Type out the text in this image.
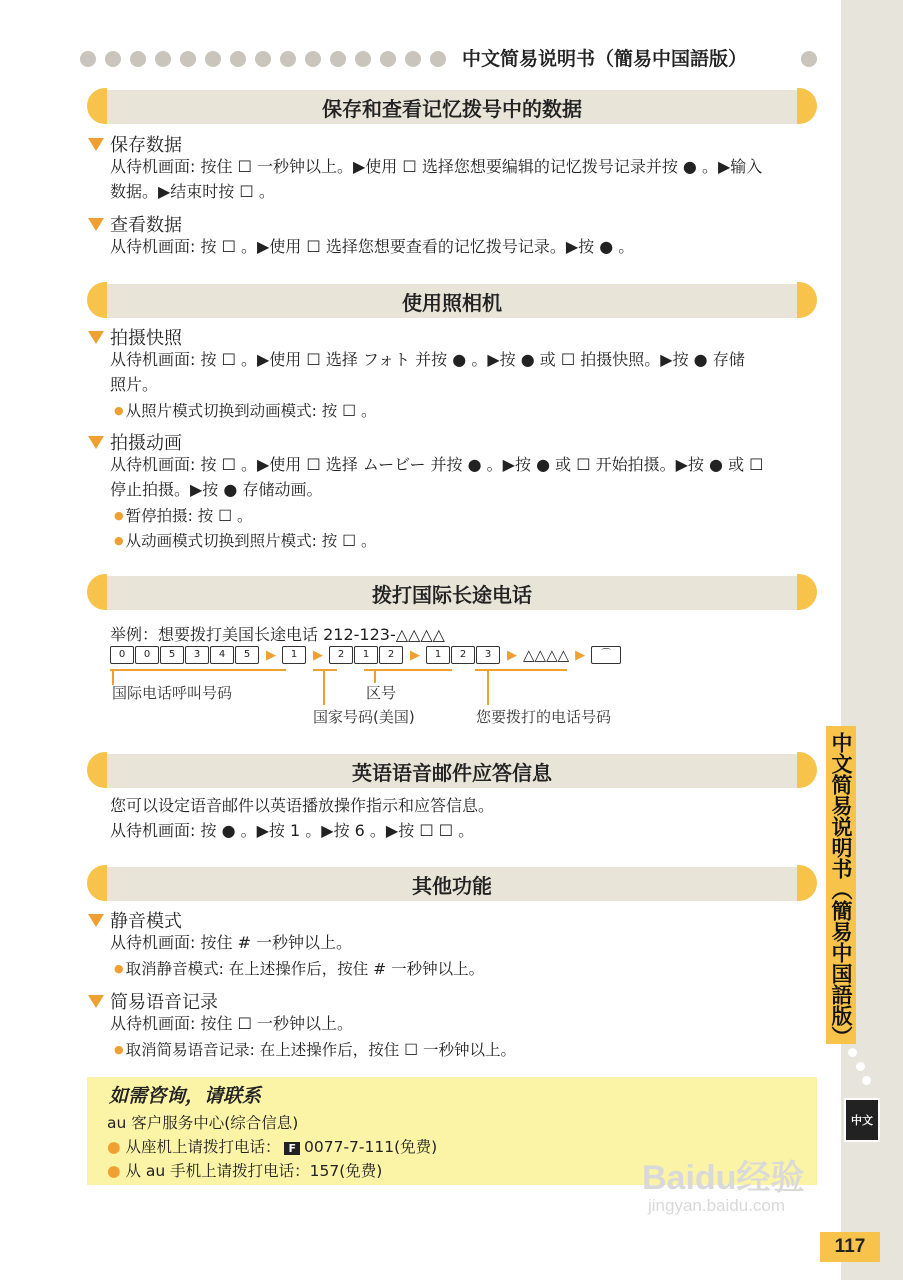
中文简易说明书（簡易中国語版）
中文
117
中文简易说明书（簡易中国語版）
保存和查看记忆拨号中的数据
保存数据
从待机画面: 按住 ☐ 一秒钟以上。▶使用 ☐ 选择您想要编辑的记忆拨号记录并按 ● 。▶输入
数据。▶结束时按 ☐ 。
查看数据
从待机画面: 按 ☐ 。▶使用 ☐ 选择您想要查看的记忆拨号记录。▶按 ● 。
使用照相机
拍摄快照
从待机画面: 按 ☐ 。▶使用 ☐ 选择 フォト 并按 ● 。▶按 ● 或 ☐ 拍摄快照。▶按 ● 存储
照片。
● 从照片模式切换到动画模式: 按 ☐ 。
拍摄动画
从待机画面: 按 ☐ 。▶使用 ☐ 选择 ムービー 并按 ● 。▶按 ● 或 ☐ 开始拍摄。▶按 ● 或 ☐
停止拍摄。▶按 ● 存储动画。
● 暂停拍摄: 按 ☐ 。
● 从动画模式切换到照片模式: 按 ☐ 。
拨打国际长途电话
举例：想要拨打美国长途电话 212-123-△△△△
0	0	5	3	4	5	▶	1	▶	2	1	2	▶	1	2	3	▶ △△△△ ▶	⌒
国际电话呼叫号码	区号
国家号码(美国)	您要拨打的电话号码
英语语音邮件应答信息
您可以设定语音邮件以英语播放操作指示和应答信息。
从待机画面: 按 ● 。▶按 1 。▶按 6 。▶按 ☐ ☐ 。
其他功能
静音模式
从待机画面: 按住 # 一秒钟以上。
● 取消静音模式: 在上述操作后，按住 # 一秒钟以上。
简易语音记录
从待机画面: 按住 ☐ 一秒钟以上。
● 取消简易语音记录: 在上述操作后，按住 ☐ 一秒钟以上。
如需咨询，请联系
au 客户服务中心(综合信息)
● 从座机上请拨打电话： F 0077-7-111(免费)
● 从 au 手机上请拨打电话：157(免费)	Baidu经验
jingyan.baidu.com
